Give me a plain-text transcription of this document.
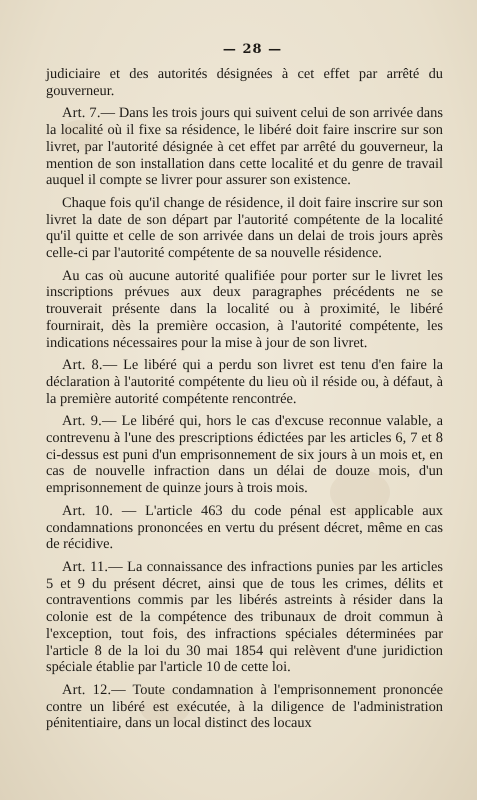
— 28 —

judiciaire et des autorités désignées à cet effet par arrêté du gouverneur.

Art. 7.— Dans les trois jours qui suivent celui de son arrivée dans la localité où il fixe sa résidence, le libéré doit faire inscrire sur son livret, par l'autorité désignée à cet effet par arrêté du gouverneur, la mention de son installation dans cette localité et du genre de travail auquel il compte se livrer pour assurer son existence.

Chaque fois qu'il change de résidence, il doit faire inscrire sur son livret la date de son départ par l'autorité compétente de la localité qu'il quitte et celle de son arrivée dans un delai de trois jours après celle-ci par l'autorité compétente de sa nouvelle résidence.

Au cas où aucune autorité qualifiée pour porter sur le livret les inscriptions prévues aux deux paragraphes précédents ne se trouverait présente dans la localité ou à proximité, le libéré fournirait, dès la première occasion, à l'autorité compétente, les indications nécessaires pour la mise à jour de son livret.

Art. 8.— Le libéré qui a perdu son livret est tenu d'en faire la déclaration à l'autorité compétente du lieu où il réside ou, à défaut, à la première autorité compétente rencontrée.

Art. 9.— Le libéré qui, hors le cas d'excuse reconnue valable, a contrevenu à l'une des prescriptions édictées par les articles 6, 7 et 8 ci-dessus est puni d'un emprisonnement de six jours à un mois et, en cas de nouvelle infraction dans un délai de douze mois, d'un emprisonnement de quinze jours à trois mois.

Art. 10. — L'article 463 du code pénal est applicable aux condamnations prononcées en vertu du présent décret, même en cas de récidive.

Art. 11.— La connaissance des infractions punies par les articles 5 et 9 du présent décret, ainsi que de tous les crimes, délits et contraventions commis par les libérés astreints à résider dans la colonie est de la compétence des tribunaux de droit commun à l'exception, tout fois, des infractions spéciales déterminées par l'article 8 de la loi du 30 mai 1854 qui relèvent d'une juridiction spéciale établie par l'article 10 de cette loi.

Art. 12.— Toute condamnation à l'emprisonnement prononcée contre un libéré est exécutée, à la diligence de l'administration pénitentiaire, dans un local distinct des locaux
